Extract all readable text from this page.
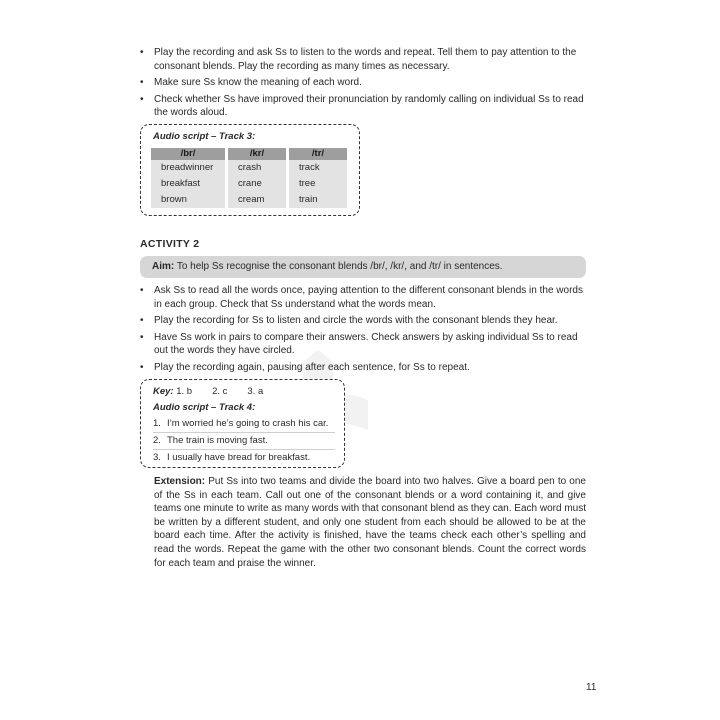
• Play the recording and ask Ss to listen to the words and repeat. Tell them to pay attention to the consonant blends. Play the recording as many times as necessary.
• Make sure Ss know the meaning of each word.
• Check whether Ss have improved their pronunciation by randomly calling on individual Ss to read the words aloud.
Audio script – Track 3:
/br/	/kr/	/tr/
breadwinner	crash	track
breakfast	crane	tree
brown	cream	train
ACTIVITY 2
Aim: To help Ss recognise the consonant blends /br/, /kr/, and /tr/ in sentences.
• Ask Ss to read all the words once, paying attention to the different consonant blends in the words in each group. Check that Ss understand what the words mean.
• Play the recording for Ss to listen and circle the words with the consonant blends they hear.
• Have Ss work in pairs to compare their answers. Check answers by asking individual Ss to read out the words they have circled.
• Play the recording again, pausing after each sentence, for Ss to repeat.
Key: 1. b 2. c 3. a
Audio script – Track 4:
1. I’m worried he’s going to crash his car.
2. The train is moving fast.
3. I usually have bread for breakfast.
Extension: Put Ss into two teams and divide the board into two halves. Give a board pen to one of the Ss in each team. Call out one of the consonant blends or a word containing it, and give teams one minute to write as many words with that consonant blend as they can. Each word must be written by a different student, and only one student from each should be allowed to be at the board each time. After the activity is finished, have the teams check each other’s spelling and read the words. Repeat the game with the other two consonant blends. Count the correct words for each team and praise the winner.
11
